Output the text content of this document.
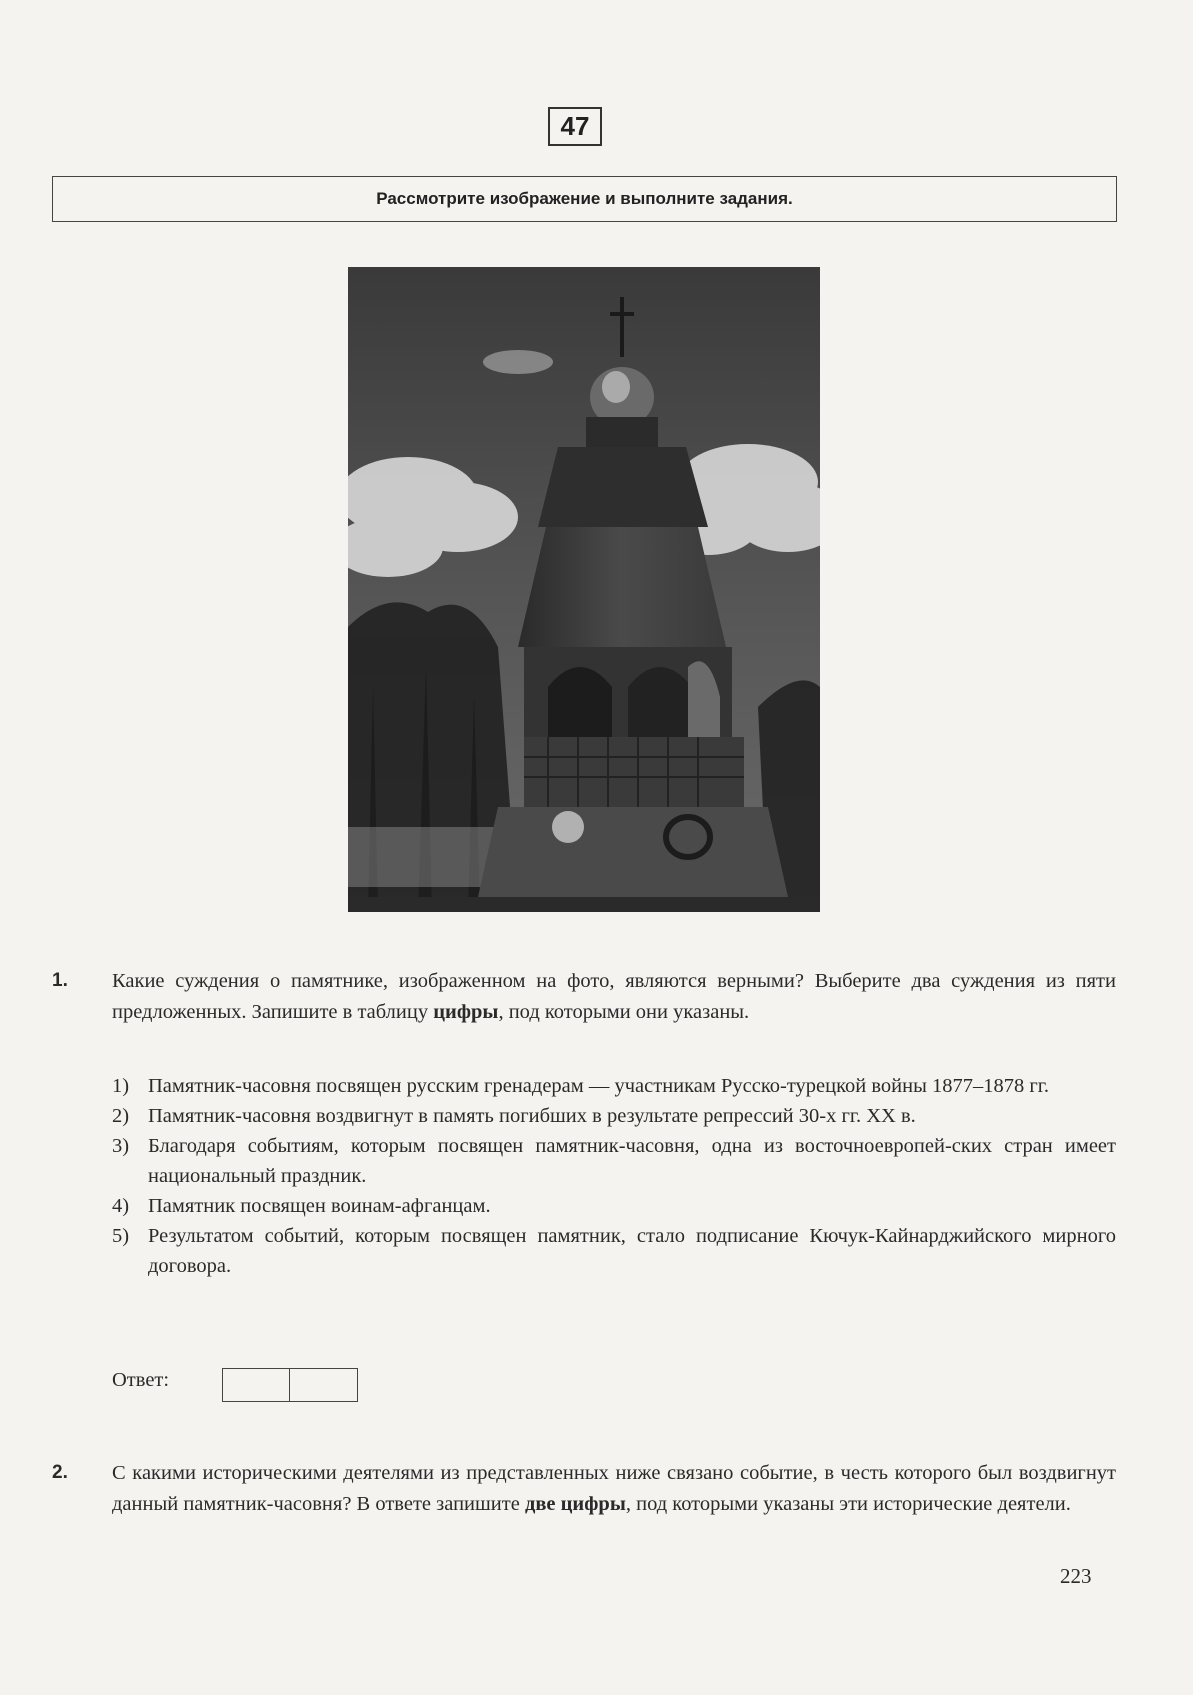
47
Рассмотрите изображение и выполните задания.
1. Какие суждения о памятнике, изображенном на фото, являются верными? Выберите два суждения из пяти предложенных. Запишите в таблицу цифры, под которыми они указаны.
1) Памятник-часовня посвящен русским гренадерам — участникам Русско-турецкой войны 1877–1878 гг.
2) Памятник-часовня воздвигнут в память погибших в результате репрессий 30-х гг. XX в.
3) Благодаря событиям, которым посвящен памятник-часовня, одна из восточноевропей-ских стран имеет национальный праздник.
4) Памятник посвящен воинам-афганцам.
5) Результатом событий, которым посвящен памятник, стало подписание Кючук-Кайнарджийского мирного договора.
Ответ:
2. С какими историческими деятелями из представленных ниже связано событие, в честь которого был воздвигнут данный памятник-часовня? В ответе запишите две цифры, под которыми указаны эти исторические деятели.
223
